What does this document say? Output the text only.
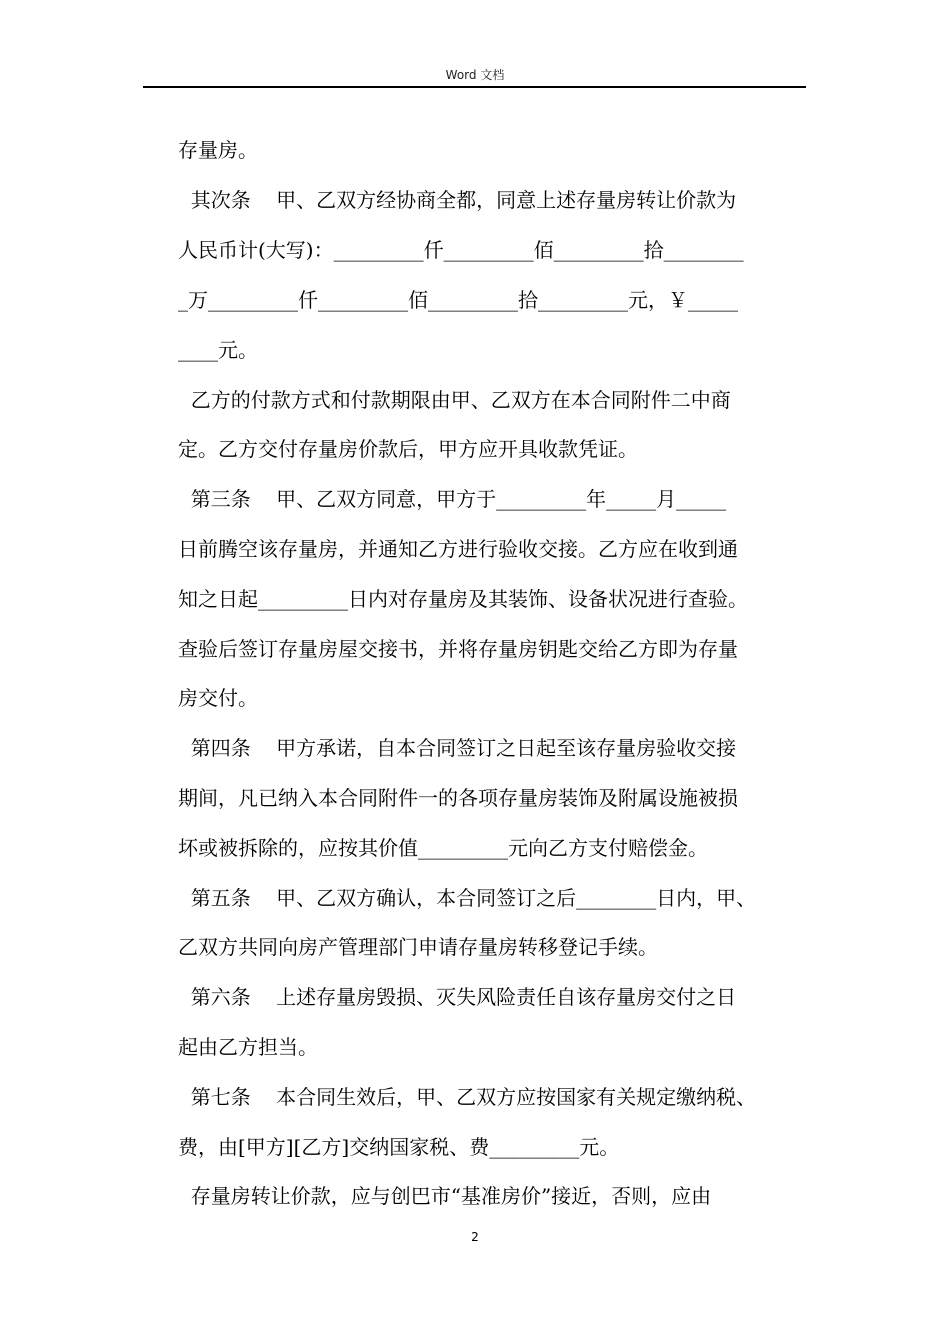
Word 文档
存量房。
其次条    甲、乙双方经协商全都，同意上述存量房转让价款为
人民币计(大写)：_________仟_________佰_________拾________
_万_________仟_________佰_________拾_________元，￥_____
____元。
乙方的付款方式和付款期限由甲、乙双方在本合同附件二中商
定。乙方交付存量房价款后，甲方应开具收款凭证。
第三条    甲、乙双方同意，甲方于_________年_____月_____
日前腾空该存量房，并通知乙方进行验收交接。乙方应在收到通
知之日起_________日内对存量房及其装饰、设备状况进行查验。
查验后签订存量房屋交接书，并将存量房钥匙交给乙方即为存量
房交付。
第四条    甲方承诺，自本合同签订之日起至该存量房验收交接
期间，凡已纳入本合同附件一的各项存量房装饰及附属设施被损
坏或被拆除的，应按其价值_________元向乙方支付赔偿金。
第五条    甲、乙双方确认，本合同签订之后________日内，甲、
乙双方共同向房产管理部门申请存量房转移登记手续。
第六条    上述存量房毁损、灭失风险责任自该存量房交付之日
起由乙方担当。
第七条    本合同生效后，甲、乙双方应按国家有关规定缴纳税、
费，由[甲方][乙方]交纳国家税、费_________元。
存量房转让价款，应与创巴市“基准房价”接近，否则，应由
2
